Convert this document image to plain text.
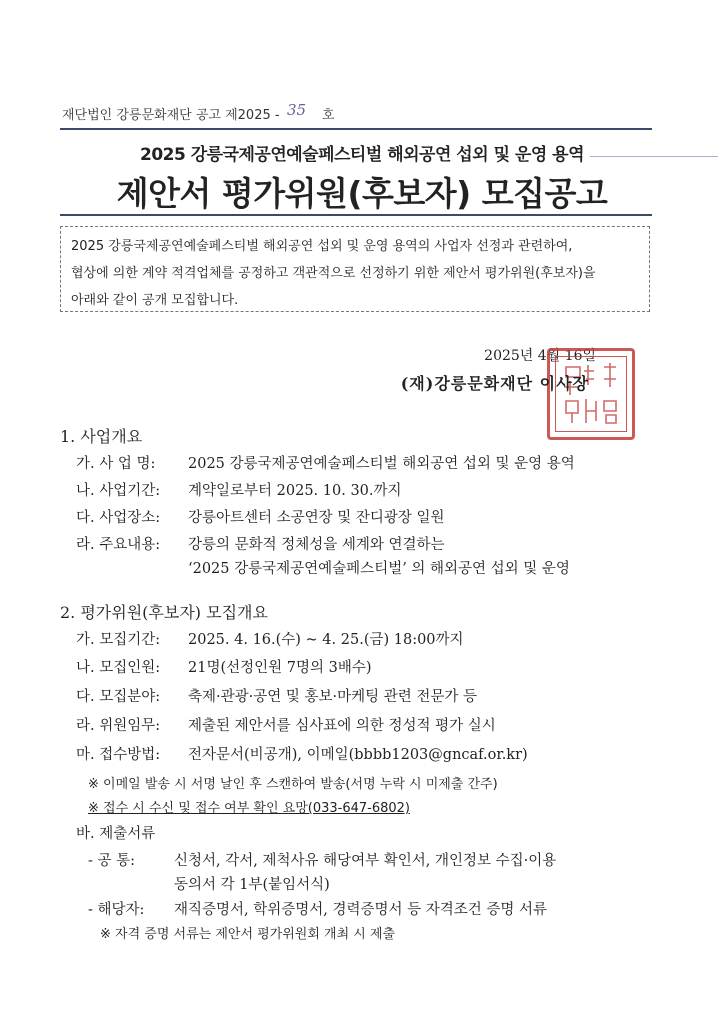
재단법인 강릉문화재단 공고 제2025 - 35 호
2025 강릉국제공연예술페스티벌 해외공연 섭외 및 운영 용역
제안서 평가위원(후보자) 모집공고
2025 강릉국제공연예술페스티벌 해외공연 섭외 및 운영 용역의 사업자 선정과 관련하여,
협상에 의한 계약 적격업체를 공정하고 객관적으로 선정하기 위한 제안서 평가위원(후보자)을
아래와 같이 공개 모집합니다.
2025년 4월 16일
(재)강릉문화재단 이사장
1. 사업개요
가. 사 업 명: 2025 강릉국제공연예술페스티벌 해외공연 섭외 및 운영 용역
나. 사업기간: 계약일로부터 2025. 10. 30.까지
다. 사업장소: 강릉아트센터 소공연장 및 잔디광장 일원
라. 주요내용: 강릉의 문화적 정체성을 세계와 연결하는
‘2025 강릉국제공연예술페스티벌’ 의 해외공연 섭외 및 운영
2. 평가위원(후보자) 모집개요
가. 모집기간: 2025. 4. 16.(수) ~ 4. 25.(금) 18:00까지
나. 모집인원: 21명(선정인원 7명의 3배수)
다. 모집분야: 축제·관광·공연 및 홍보·마케팅 관련 전문가 등
라. 위원임무: 제출된 제안서를 심사표에 의한 정성적 평가 실시
마. 접수방법: 전자문서(비공개), 이메일(bbbb1203@gncaf.or.kr)
※ 이메일 발송 시 서명 날인 후 스캔하여 발송(서명 누락 시 미제출 간주)
※ 접수 시 수신 및 접수 여부 확인 요망(033-647-6802)
바. 제출서류
- 공 통:	신청서, 각서, 제척사유 해당여부 확인서, 개인정보 수집·이용
동의서 각 1부(붙임서식)
- 해당자: 재직증명서, 학위증명서, 경력증명서 등 자격조건 증명 서류
※ 자격 증명 서류는 제안서 평가위원회 개최 시 제출
